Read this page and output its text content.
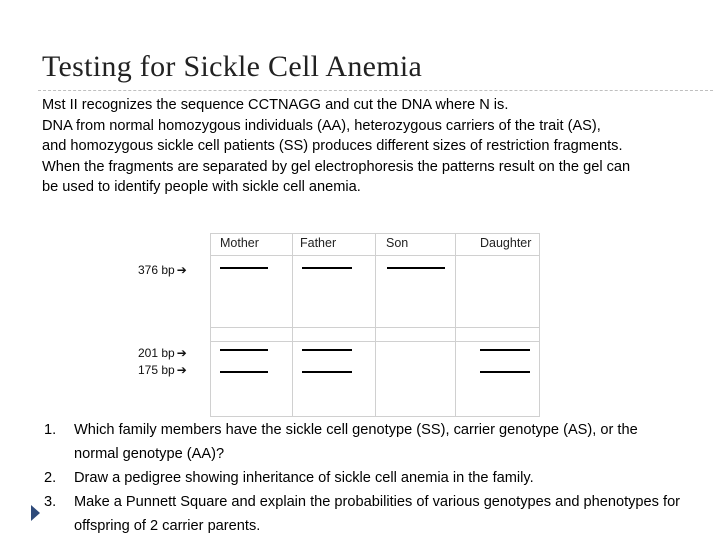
Testing for Sickle Cell Anemia
Mst II recognizes the sequence CCTNAGG and cut the DNA where N is.
DNA from normal homozygous individuals (AA), heterozygous carriers of the trait (AS),
and homozygous sickle cell patients (SS) produces different sizes of restriction fragments.
When the fragments are separated by gel electrophoresis the patterns result on the gel can
be used to identify people with sickle cell anemia.
376 bp ➔
201 bp ➔
175 bp ➔
Mother	Father	Son	Daughter
1. Which family members have the sickle cell genotype (SS), carrier genotype (AS), or the normal genotype (AA)?
2. Draw a pedigree showing inheritance of sickle cell anemia in the family.
3. Make a Punnett Square and explain the probabilities of various genotypes and phenotypes for offspring of 2 carrier parents.
